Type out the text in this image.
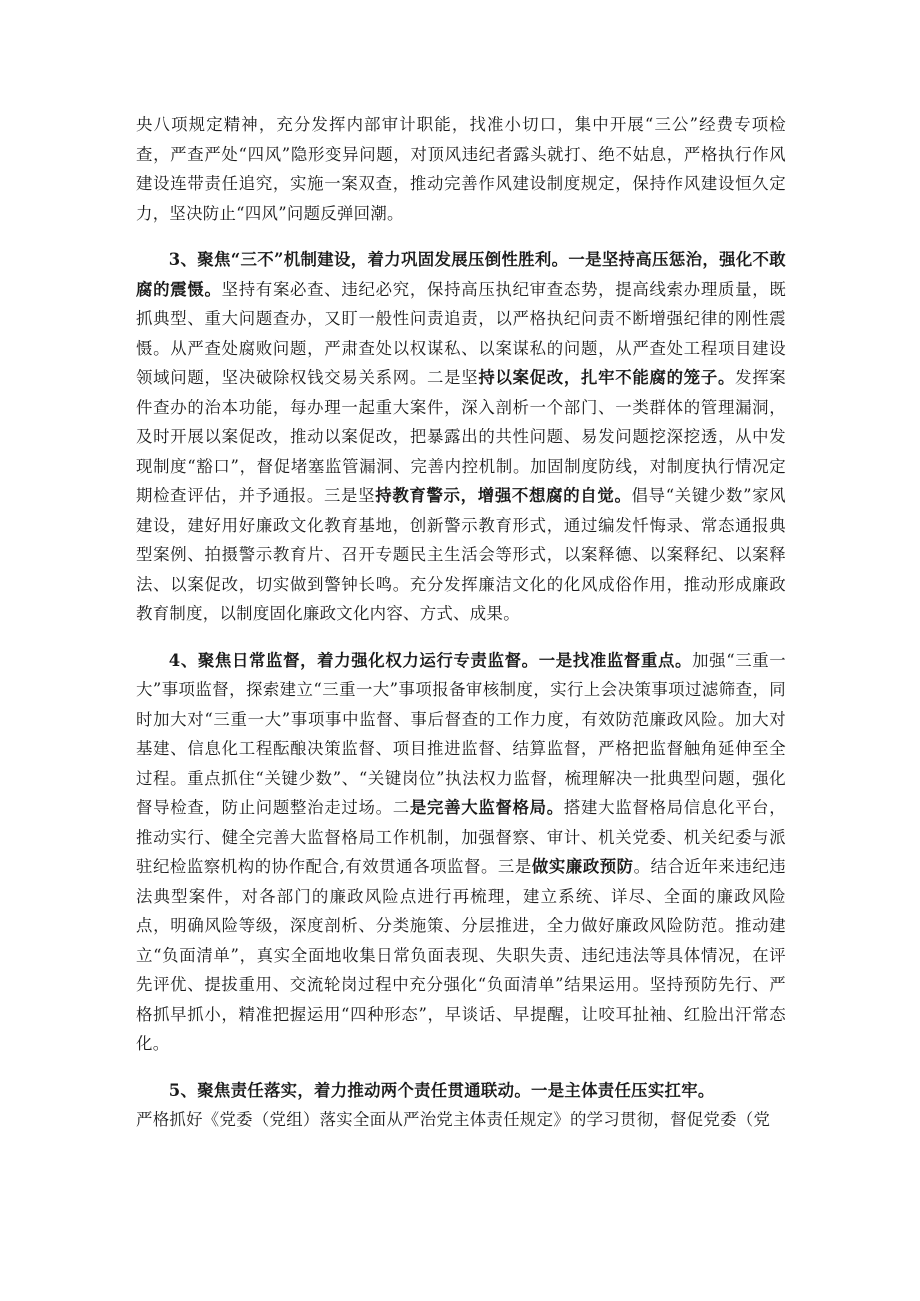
央八项规定精神，充分发挥内部审计职能，找准小切口，集中开展“三公”经费专项检查，严查严处“四风”隐形变异问题，对顶风违纪者露头就打、绝不姑息，严格执行作风建设连带责任追究，实施一案双查，推动完善作风建设制度规定，保持作风建设恒久定力，坚决防止“四风”问题反弹回潮。

3、聚焦“三不”机制建设，着力巩固发展压倒性胜利。一是坚持高压惩治，强化不敢腐的震慑。坚持有案必查、违纪必究，保持高压执纪审查态势，提高线索办理质量，既抓典型、重大问题查办，又盯一般性问责追责，以严格执纪问责不断增强纪律的刚性震慑。从严查处腐败问题，严肃查处以权谋私、以案谋私的问题，从严查处工程项目建设领域问题，坚决破除权钱交易关系网。二是坚持以案促改，扎牢不能腐的笼子。发挥案件查办的治本功能，每办理一起重大案件，深入剖析一个部门、一类群体的管理漏洞，及时开展以案促改，推动以案促改，把暴露出的共性问题、易发问题挖深挖透，从中发现制度“豁口”，督促堵塞监管漏洞、完善内控机制。加固制度防线，对制度执行情况定期检查评估，并予通报。三是坚持教育警示，增强不想腐的自觉。倡导“关键少数”家风建设，建好用好廉政文化教育基地，创新警示教育形式，通过编发忏悔录、常态通报典型案例、拍摄警示教育片、召开专题民主生活会等形式，以案释德、以案释纪、以案释法、以案促改，切实做到警钟长鸣。充分发挥廉洁文化的化风成俗作用，推动形成廉政教育制度，以制度固化廉政文化内容、方式、成果。

4、聚焦日常监督，着力强化权力运行专责监督。一是找准监督重点。加强“三重一大”事项监督，探索建立“三重一大”事项报备审核制度，实行上会决策事项过滤筛查，同时加大对“三重一大”事项事中监督、事后督查的工作力度，有效防范廉政风险。加大对基建、信息化工程酝酿决策监督、项目推进监督、结算监督，严格把监督触角延伸至全过程。重点抓住“关键少数”、“关键岗位”执法权力监督，梳理解决一批典型问题，强化督导检查，防止问题整治走过场。二是完善大监督格局。搭建大监督格局信息化平台，推动实行、健全完善大监督格局工作机制，加强督察、审计、机关党委、机关纪委与派驻纪检监察机构的协作配合,有效贯通各项监督。三是做实廉政预防。结合近年来违纪违法典型案件，对各部门的廉政风险点进行再梳理，建立系统、详尽、全面的廉政风险点，明确风险等级，深度剖析、分类施策、分层推进，全力做好廉政风险防范。推动建立“负面清单”，真实全面地收集日常负面表现、失职失责、违纪违法等具体情况，在评先评优、提拔重用、交流轮岗过程中充分强化“负面清单”结果运用。坚持预防先行、严格抓早抓小，精准把握运用“四种形态”，早谈话、早提醒，让咬耳扯袖、红脸出汗常态化。

5、聚焦责任落实，着力推动两个责任贯通联动。一是主体责任压实扛牢。

严格抓好《党委（党组）落实全面从严治党主体责任规定》的学习贯彻，督促党委（党
